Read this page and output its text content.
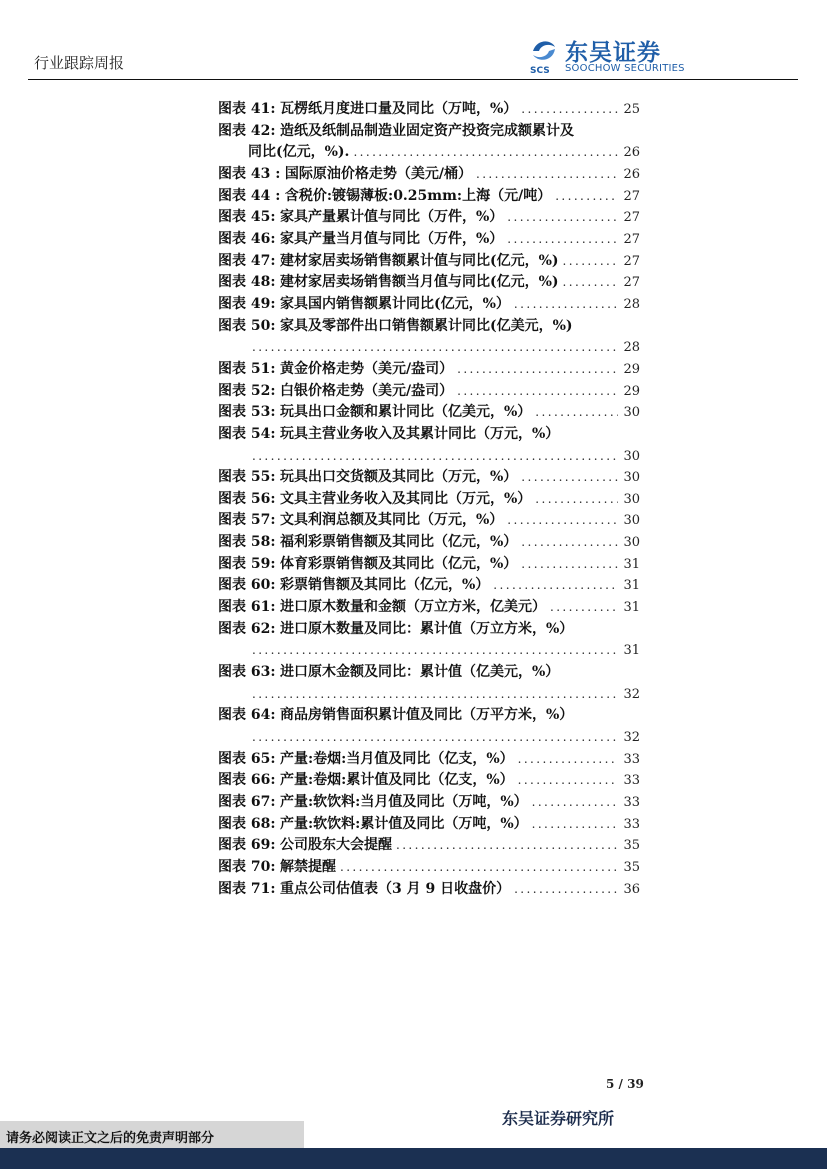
行业跟踪周报	SCS
东吴证券
SOOCHOW SECURITIES
图表 41:
瓦楞纸月度进口量及同比（万吨，%） .....	25
图表 42:
造纸及纸制品制造业固定资产投资完成额累计及
同比(亿元，%). .....	26
图表 43 :
国际原油价格走势（美元/桶） .....	26
图表 44 :
含税价:镀锡薄板:0.25mm:上海（元/吨） .....	27
图表 45:
家具产量累计值与同比（万件，%） .....	27
图表 46:
家具产量当月值与同比（万件，%） .....	27
图表 47:
建材家居卖场销售额累计值与同比(亿元，%) .....	27
图表 48:
建材家居卖场销售额当月值与同比(亿元，%) .....	27
图表 49:
家具国内销售额累计同比(亿元，%） .....	28
图表 50:
家具及零部件出口销售额累计同比(亿美元，%)
.....
28
图表 51:
黄金价格走势（美元/盎司） .....	29
图表 52:
白银价格走势（美元/盎司） .....	29
图表 53:
玩具出口金额和累计同比（亿美元，%） .....	30
图表 54:
玩具主营业务收入及其累计同比（万元，%）
.....
30
图表 55:
玩具出口交货额及其同比（万元，%） .....	30
图表 56:
文具主营业务收入及其同比（万元，%） .....	30
图表 57:
文具利润总额及其同比（万元，%） .....	30
图表 58:
福利彩票销售额及其同比（亿元，%） .....	30
图表 59:
体育彩票销售额及其同比（亿元，%） .....	31
图表 60:
彩票销售额及其同比（亿元，%） .....	31
图表 61:
进口原木数量和金额（万立方米，亿美元） .....	31
图表 62:
进口原木数量及同比：累计值（万立方米，%）
.....
31
图表 63:
进口原木金额及同比：累计值（亿美元，%）
.....
32
图表 64:
商品房销售面积累计值及同比（万平方米，%）
.....
32
图表 65:
产量:卷烟:当月值及同比（亿支，%） .....	33
图表 66:
产量:卷烟:累计值及同比（亿支，%） .....	33
图表 67:
产量:软饮料:当月值及同比（万吨，%） .....	33
图表 68:
产量:软饮料:累计值及同比（万吨，%） .....	33
图表 69:
公司股东大会提醒 .....	35
图表 70:
解禁提醒 .....	35
图表 71:
重点公司估值表（3 月 9 日收盘价） .....	36
5 / 39
东吴证券研究所
请务必阅读正文之后的免责声明部分
